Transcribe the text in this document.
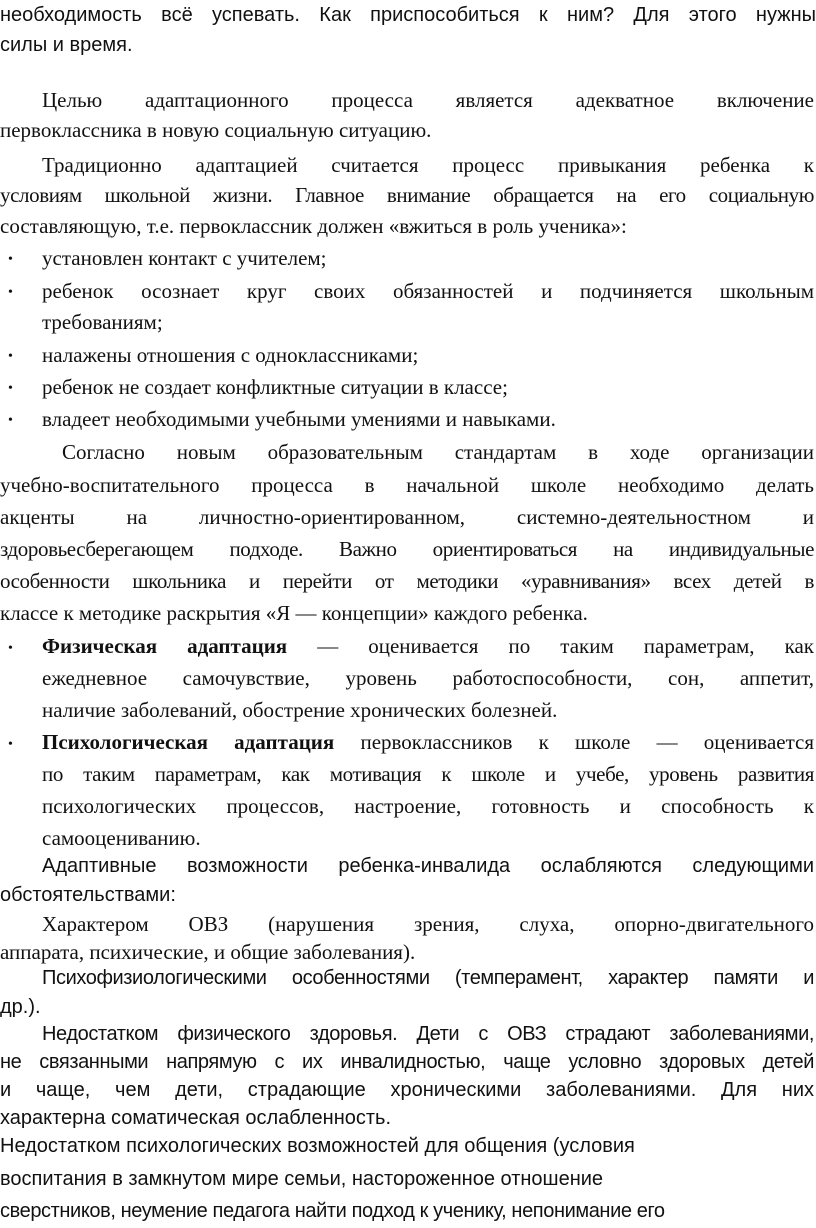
необходимость всё успевать. Как приспособиться к ним? Для этого нужны
силы и время.
Целью адаптационного процесса является адекватное включение
первоклассника в новую социальную ситуацию.
Традиционно адаптацией считается процесс привыкания ребенка к
условиям школьной жизни. Главное внимание обращается на его социальную
составляющую, т.е. первоклассник должен «вжиться в роль ученика»:
• установлен контакт с учителем;
• ребенок осознает круг своих обязанностей и подчиняется школьным
требованиям;
• налажены отношения с одноклассниками;
• ребенок не создает конфликтные ситуации в классе;
• владеет необходимыми учебными умениями и навыками.
Согласно новым образовательным стандартам в ходе организации
учебно-воспитательного процесса в начальной школе необходимо делать
акценты на личностно-ориентированном, системно-деятельностном и
здоровьесберегающем подходе. Важно ориентироваться на индивидуальные
особенности школьника и перейти от методики «уравнивания» всех детей в
классе к методике раскрытия «Я — концепции» каждого ребенка.
• Физическая адаптация — оценивается по таким параметрам, как
ежедневное самочувствие, уровень работоспособности, сон, аппетит,
наличие заболеваний, обострение хронических болезней.
• Психологическая адаптация первоклассников к школе — оценивается
по таким параметрам, как мотивация к школе и учебе, уровень развития
психологических процессов, настроение, готовность и способность к
самооцениванию.
Адаптивные возможности ребенка-инвалида ослабляются следующими
обстоятельствами:
Характером ОВЗ (нарушения зрения, слуха, опорно-двигательного
аппарата, психические, и общие заболевания).
Психофизиологическими особенностями (темперамент, характер памяти и
др.).
Недостатком физического здоровья. Дети с ОВЗ страдают заболеваниями,
не связанными напрямую с их инвалидностью, чаще условно здоровых детей
и чаще, чем дети, страдающие хроническими заболеваниями. Для них
характерна соматическая ослабленность.
Недостатком психологических возможностей для общения (условия
воспитания в замкнутом мире семьи, настороженное отношение
сверстников, неумение педагога найти подход к ученику, непонимание его
